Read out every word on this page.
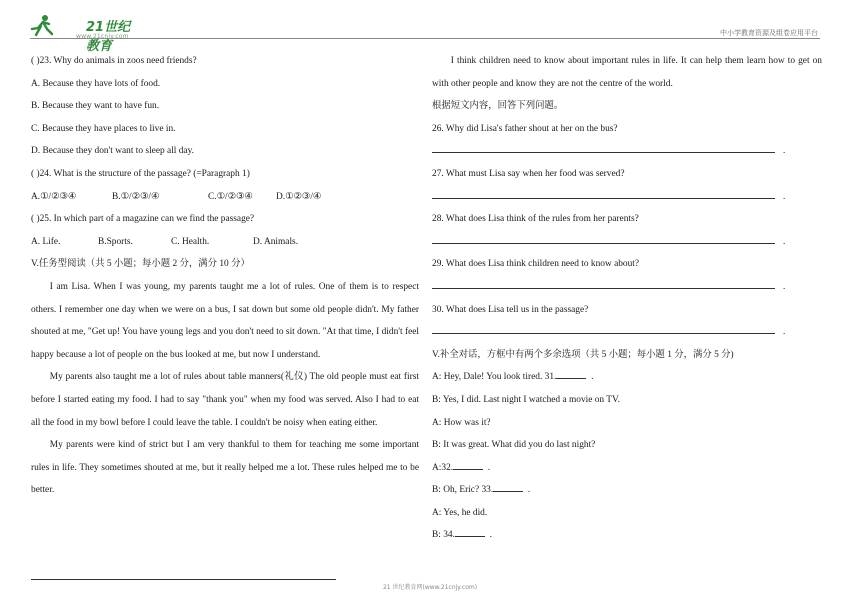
21世纪教育
www.21cnjy.com	中小学教育资源及组卷应用平台
( )23. Why do animals in zoos need friends?
A. Because they have lots of food.
B. Because they want to have fun.
C. Because they have places to live in.
D. Because they don't want to sleep all day.
( )24. What is the structure of the passage? (=Paragraph 1)
A.①/②③④	B.①/②③/④	C.①/②③④	D.①②③/④
( )25. In which part of a magazine can we find the passage?
A. Life.	B.Sports.	C. Health.	D. Animals.
V.任务型阅读（共 5 小题；每小题 2 分，满分 10 分）
I am Lisa. When I was young, my parents taught me a lot of rules. One of them is to respect others. I remember one day when we were on a bus, I sat down but some old people didn't. My father shouted at me, "Get up! You have young legs and you don't need to sit down. "At that time, I didn't feel happy because a lot of people on the bus looked at me, but now I understand.
My parents also taught me a lot of rules about table manners(礼仪) The old people must eat first before I started eating my food. I had to say "thank you" when my food was served. Also I had to eat all the food in my bowl before I could leave the table. I couldn't be noisy when eating either.
My parents were kind of strict but I am very thankful to them for teaching me some important rules in life. They sometimes shouted at me, but it really helped me a lot. These rules helped me to be better.
I think children need to know about important rules in life. It can help them learn how to get on with other people and know they are not the centre of the world.
根据短文内容，回答下列问题。
26. Why did Lisa's father shout at her on the bus?
.
27. What must Lisa say when her food was served?
.
28. What does Lisa think of the rules from her parents?
.
29. What does Lisa think children need to know about?
.
30. What does Lisa tell us in the passage?
.
V.补全对话，方框中有两个多余选项（共 5 小题；每小题 1 分，满分 5 分)
A: Hey, Dale! You look tired. 31.	.
B: Yes, I did. Last night I watched a movie on TV.
A: How was it?
B: It was great. What did you do last night?
A:32.	.
B: Oh, Eric? 33.	.
A: Yes, he did.
B: 34.	.
21 世纪教育网(www.21cnjy.com)
